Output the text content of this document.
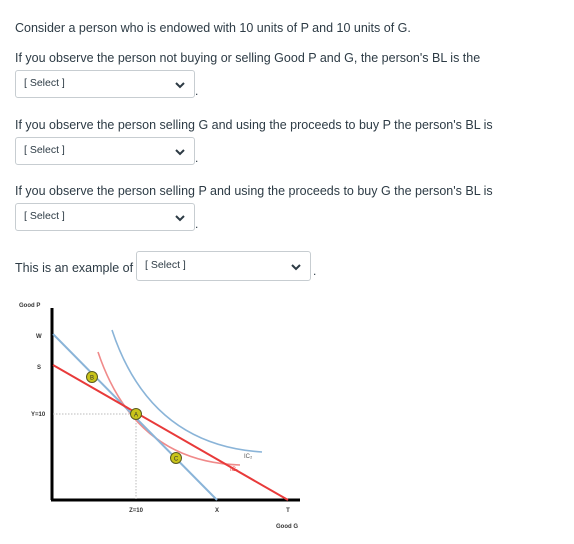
Consider a person who is endowed with 10 units of P and 10 units of G.
If you observe the person not buying or selling Good P and G, the person's BL is the
[ Select ]
.
If you observe the person selling G and using the proceeds to buy P the person's BL is
[ Select ]
.
If you observe the person selling P and using the proceeds to buy G the person's BL is
[ Select ]
.
This is an example of [ Select ]	.
B
A
C	IC₂
IC₁
Good P
W
S
Y=10
Z=10	X	T
Good G
